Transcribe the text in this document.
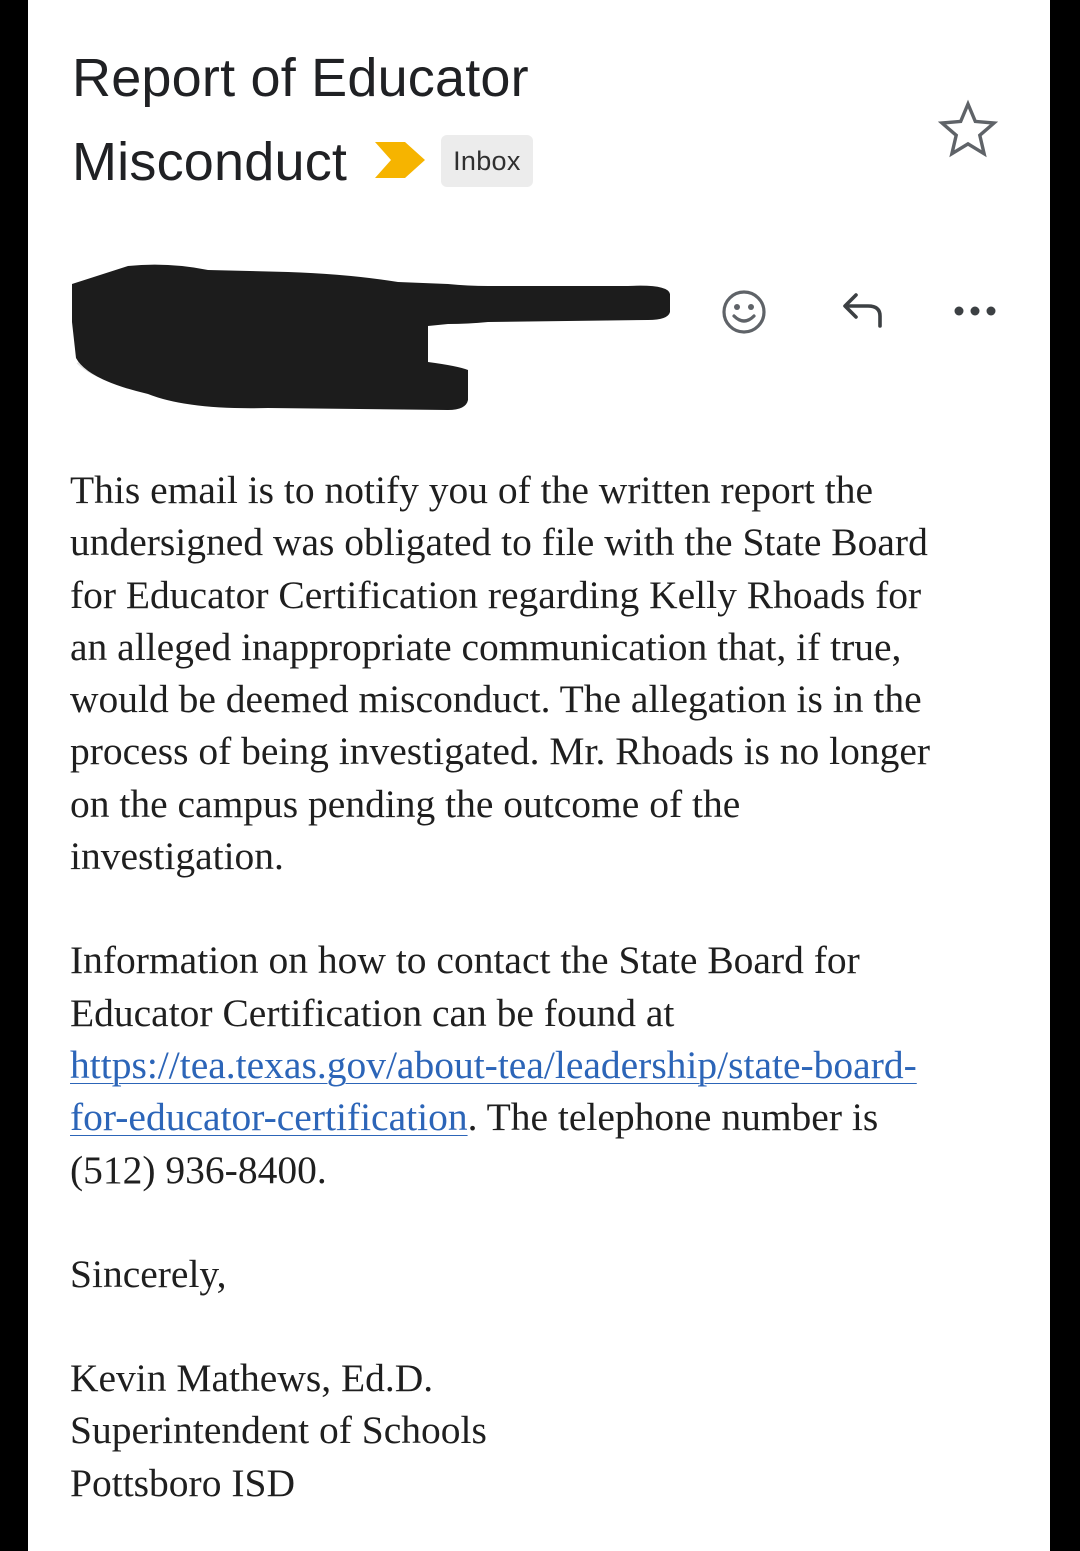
Report of Educator
Misconduct	Inbox

This email is to notify you of the written report the
undersigned was obligated to file with the State Board
for Educator Certification regarding Kelly Rhoads for
an alleged inappropriate communication that, if true,
would be deemed misconduct. The allegation is in the
process of being investigated. Mr. Rhoads is no longer
on the campus pending the outcome of the
investigation.

Information on how to contact the State Board for
Educator Certification can be found at
https://tea.texas.gov/about-tea/leadership/state-board-
for-educator-certification. The telephone number is
(512) 936-8400.

Sincerely,

Kevin Mathews, Ed.D.
Superintendent of Schools
Pottsboro ISD
